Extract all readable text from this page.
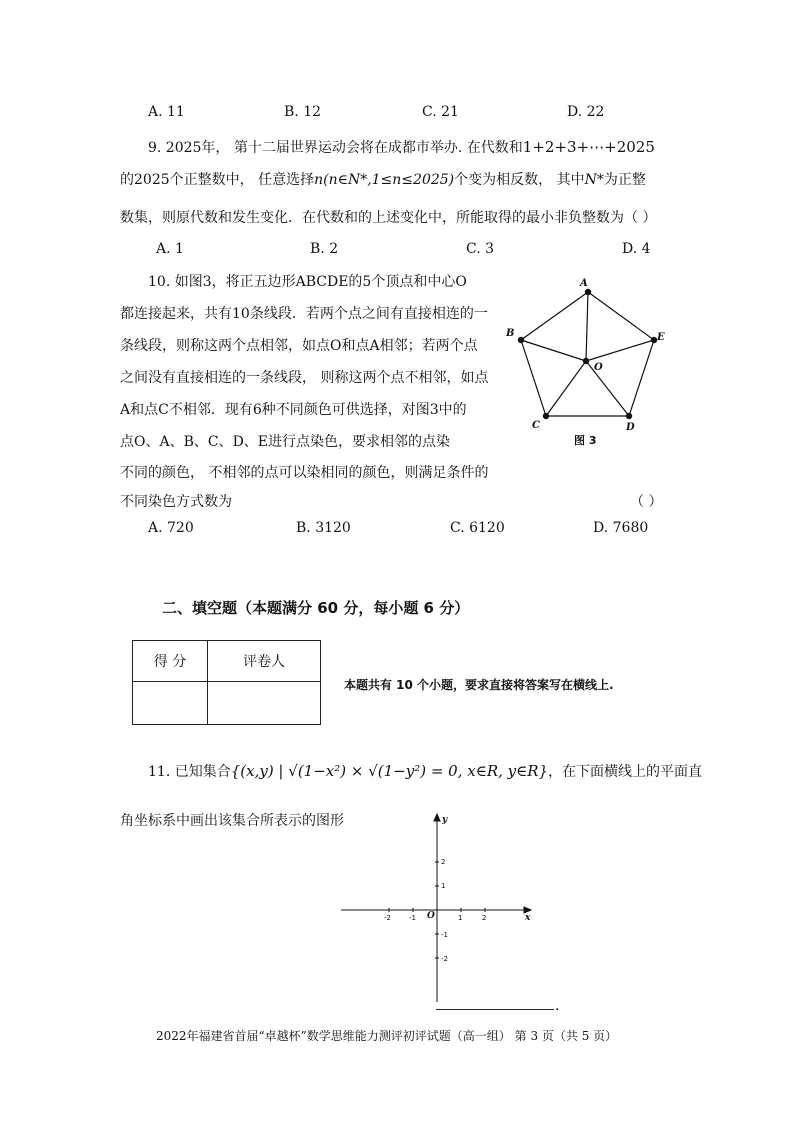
A. 11	B. 12	C. 21	D. 22
9. 2025年， 第十二届世界运动会将在成都市举办. 在代数和1+2+3+⋯+2025
的2025个正整数中， 任意选择n(n∈N*,1≤n≤2025)个变为相反数， 其中N*为正整
数集，则原代数和发生变化．在代数和的上述变化中，所能取得的最小非负整数为（ ）
A. 1	B. 2	C. 3	D. 4
10. 如图3，将正五边形ABCDE的5个顶点和中心O
都连接起来，共有10条线段．若两个点之间有直接相连的一
条线段，则称这两个点相邻，如点O和点A相邻；若两个点
之间没有直接相连的一条线段， 则称这两个点不相邻，如点
A和点C不相邻．现有6种不同颜色可供选择，对图3中的
点O、A、B、C、D、E进行点染色，要求相邻的点染
不同的颜色， 不相邻的点可以染相同的颜色，则满足条件的
不同染色方式数为	（ ）
A
B
C	D
E
O
图 3
A. 720	B. 3120	C. 6120	D. 7680
二、填空题（本题满分 60 分，每小题 6 分）
得 分	评卷人

本题共有 10 个小题，要求直接将答案写在横线上.
11. 已知集合{(x,y) | √(1−x²) × √(1−y²) = 0, x∈R, y∈R}，在下面横线上的平面直
角坐标系中画出该集合所表示的图形
-2	-1	1	2
2
1
-1
-2
x
y
O
.
2022年福建省首届“卓越杯”数学思维能力测评初评试题（高一组） 第 3 页（共 5 页）
